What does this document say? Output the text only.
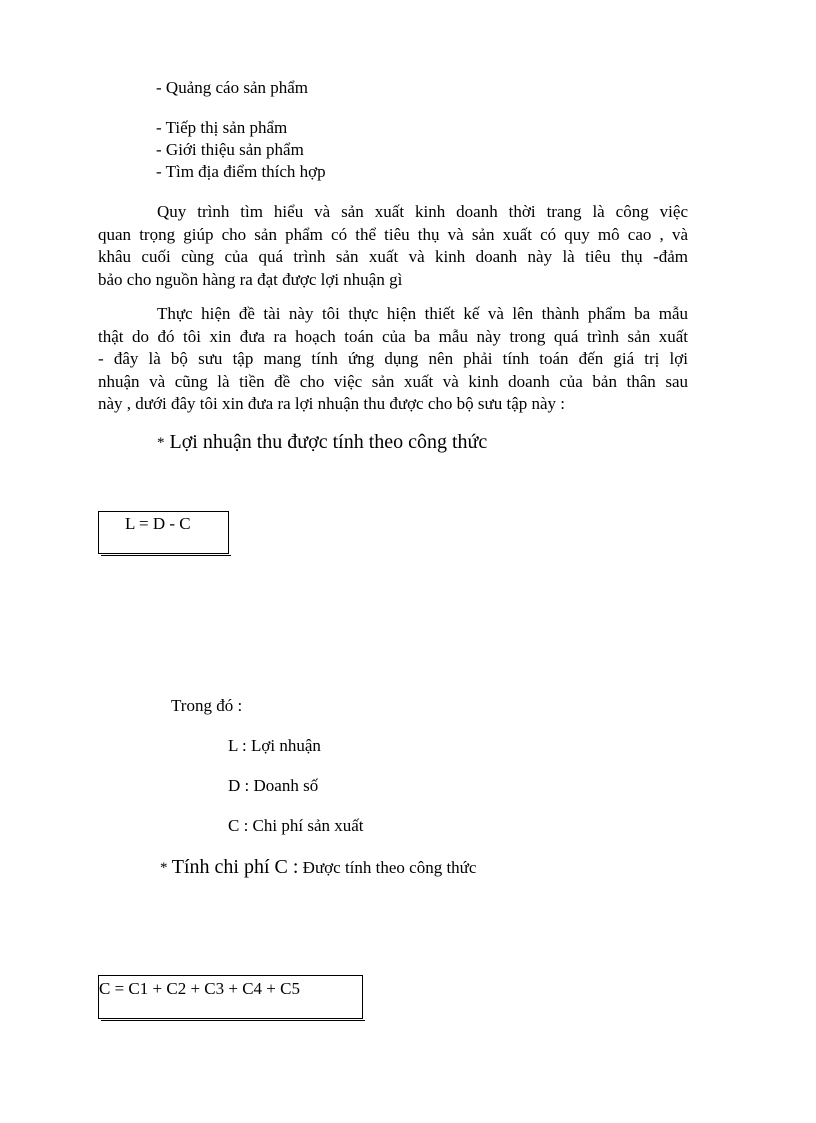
- Quảng cáo sản phẩm
- Tiếp thị sản phẩm
- Giới thiệu sản phẩm
- Tìm địa điểm thích hợp
Quy trình tìm hiểu và sản xuất kinh doanh thời trang là công việc
quan trọng giúp cho sản phẩm có thể tiêu thụ và sản xuất có quy mô cao , và
khâu cuối cùng của quá trình sản xuất và kinh doanh này là tiêu thụ -đảm
bảo cho nguồn hàng ra đạt được lợi nhuận gì
Thực hiện đề tài này tôi thực hiện thiết kế và lên thành phẩm ba mẫu
thật do đó tôi xin đưa ra hoạch toán của ba mẫu này trong quá trình sản xuất
- đây là bộ sưu tập mang tính ứng dụng nên phải tính toán đến giá trị lợi
nhuận và cũng là tiền đề cho việc sản xuất và kinh doanh của bản thân sau
này , dưới đây tôi xin đưa ra lợi nhuận thu được cho bộ sưu tập này :
* Lợi nhuận thu được tính theo công thức
L = D - C
Trong đó :
L : Lợi nhuận
D : Doanh số
C : Chi phí sản xuất
* Tính chi phí C : Được tính theo công thức
C = C1 + C2 + C3 + C4 + C5
